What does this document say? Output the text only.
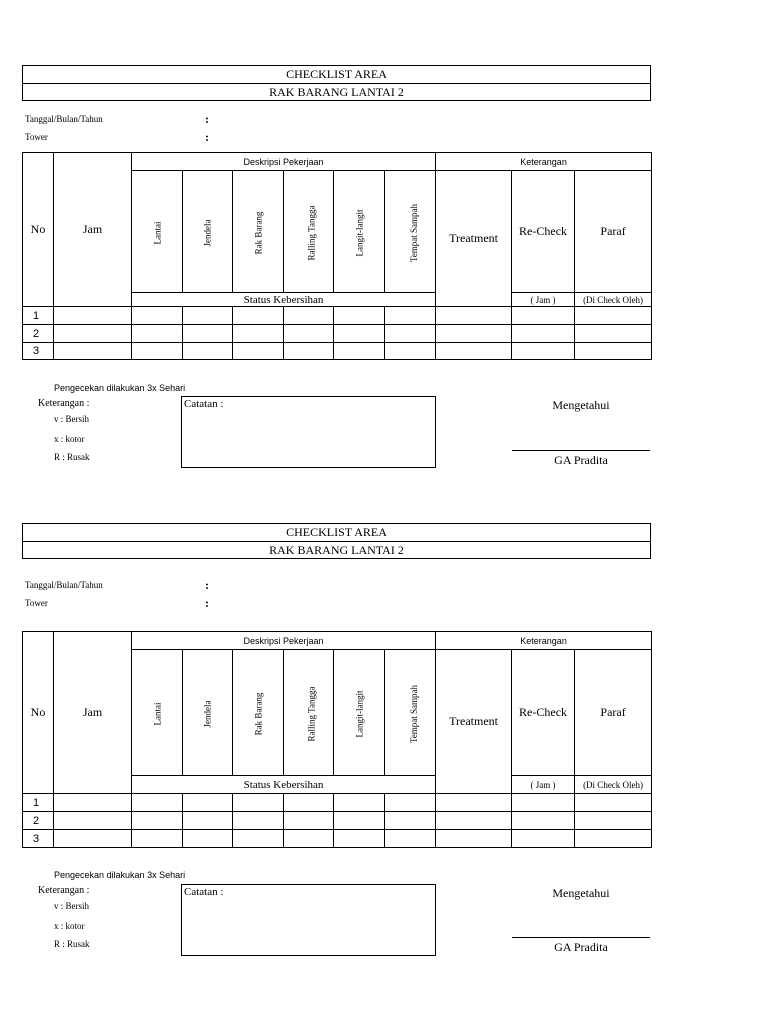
CHECKLIST AREA
RAK BARANG LANTAI 2
Tanggal/Bulan/Tahun	:
Tower	:
No	Jam	Deskripsi Pekerjaan						Keterangan		
		Lantai	Jendela	Rak Barang	Ralling Tangga	Langit-langit	Tempat Sampah	Treatment	Re-Check	Paraf
		Status Kebersihan							( Jam )	(Di Check Oleh)
1										
2										
3										
Pengecekan dilakukan 3x Sehari
Keterangan :
v : Bersih
x : kotor
R : Rusak
Catatan :	Mengetahui
GA Pradita
CHECKLIST AREA
RAK BARANG LANTAI 2
Tanggal/Bulan/Tahun	:
Tower	:
No	Jam	Deskripsi Pekerjaan						Keterangan		
		Lantai	Jendela	Rak Barang	Ralling Tangga	Langit-langit	Tempat Sampah	Treatment	Re-Check	Paraf
		Status Kebersihan							( Jam )	(Di Check Oleh)
1										
2										
3										
Pengecekan dilakukan 3x Sehari
Keterangan :
v : Bersih
x : kotor
R : Rusak
Catatan :	Mengetahui
GA Pradita
